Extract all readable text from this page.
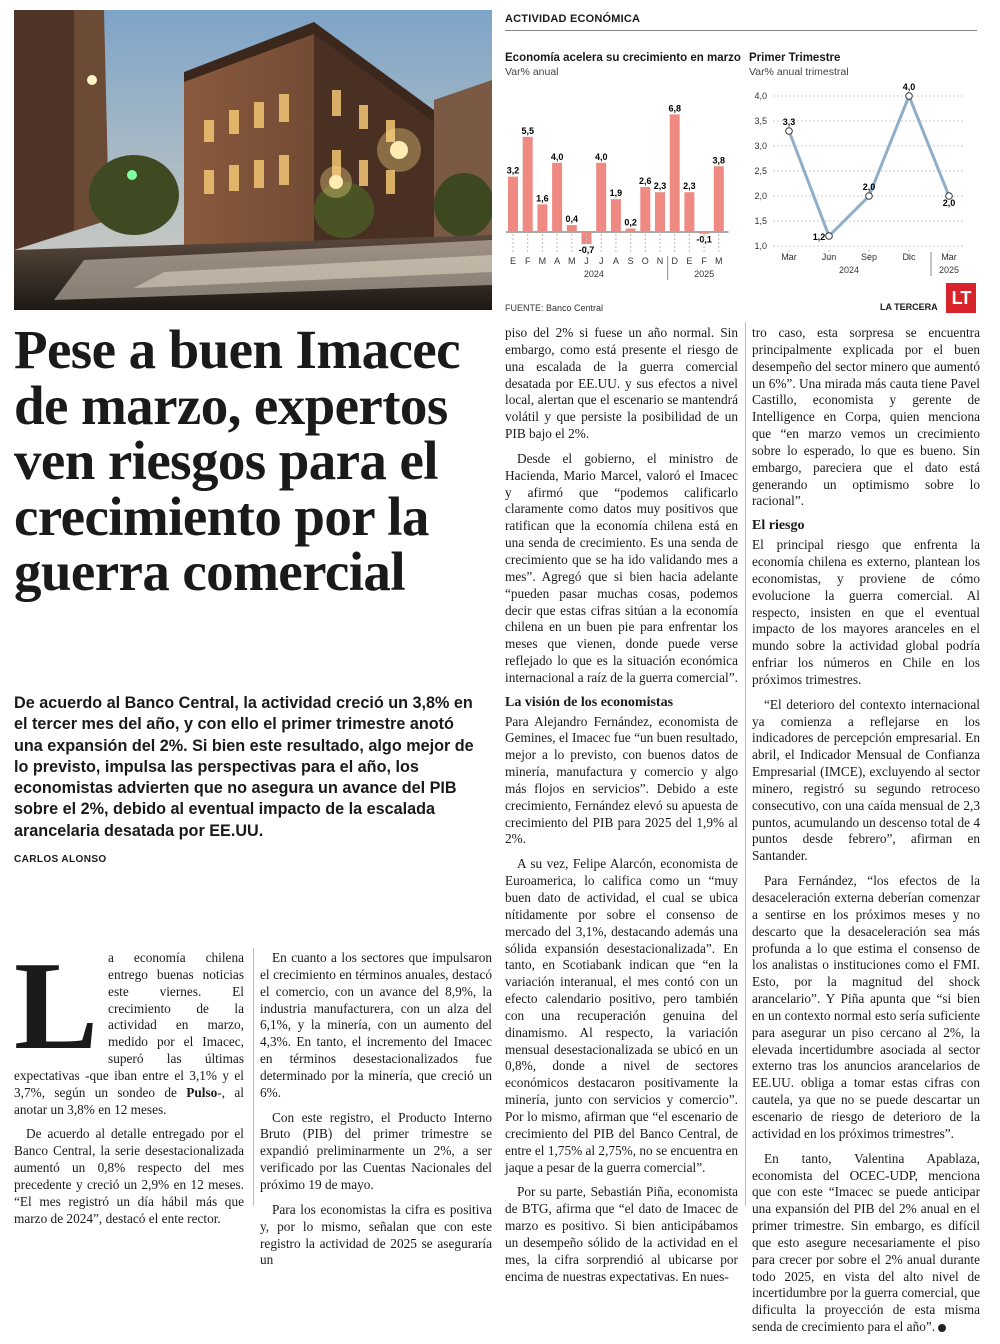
ACTIVIDAD ECONÓMICA
Economía acelera su crecimiento en marzo
Var% anual
Primer Trimestre
Var% anual trimestral
3,2
E
5,5
F
1,6
M
4,0
A
0,4
M
-0,7
J
4,0
J
1,9
A
0,2
S
2,6
O
2,3
N
6,8
D
2,3
E
-0,1
F
3,8
M
2024	2025
4,0
3,5
3,0
2,5
2,0
1,5
1,0
3,3
Mar
1,2
Jun
2,0
Sep
4,0
Dic
2,0
Mar
2024	2025
FUENTE: Banco Central	LA TERCERA LT
Pese a buen Imacec de marzo, expertos ven riesgos para el crecimiento por la guerra comercial

De acuerdo al Banco Central, la actividad creció un 3,8% en el tercer mes del año, y con ello el primer trimestre anotó una expansión del 2%. Si bien este resultado, algo mejor de lo previsto, impulsa las perspectivas para el año, los economistas advierten que no asegura un avance del PIB sobre el 2%, debido al eventual impacto de la escalada arancelaria desatada por EE.UU.

CARLOS ALONSO

La economía chilena entrego buenas noticias este viernes. El crecimiento de la actividad en marzo, medido por el Imacec, superó las últimas expectativas -que iban entre el 3,1% y el 3,7%, según un sondeo de Pulso-, al anotar un 3,8% en 12 meses.

De acuerdo al detalle entregado por el Banco Central, la serie desestacionalizada aumentó un 0,8% respecto del mes precedente y creció un 2,9% en 12 meses. “El mes registró un día hábil más que marzo de 2024”, destacó el ente rector.

En cuanto a los sectores que impulsaron el crecimiento en términos anuales, destacó el comercio, con un avance del 8,9%, la industria manufacturera, con un alza del 6,1%, y la minería, con un aumento del 4,3%. En tanto, el incremento del Imacec en términos desestacionalizados fue determinado por la minería, que creció un 6%.

Con este registro, el Producto Interno Bruto (PIB) del primer trimestre se expandió preliminarmente un 2%, a ser verificado por las Cuentas Nacionales del próximo 19 de mayo.

Para los economistas la cifra es positiva y, por lo mismo, señalan que con este registro la actividad de 2025 se aseguraría un

piso del 2% si fuese un año normal. Sin embargo, como está presente el riesgo de una escalada de la guerra comercial desatada por EE.UU. y sus efectos a nivel local, alertan que el escenario se mantendrá volátil y que persiste la posibilidad de un PIB bajo el 2%.

Desde el gobierno, el ministro de Hacienda, Mario Marcel, valoró el Imacec y afirmó que “podemos calificarlo claramente como datos muy positivos que ratifican que la economía chilena está en una senda de crecimiento. Es una senda de crecimiento que se ha ido validando mes a mes”. Agregó que si bien hacia adelante “pueden pasar muchas cosas, podemos decir que estas cifras sitúan a la economía chilena en un buen pie para enfrentar los meses que vienen, donde puede verse reflejado lo que es la situación económica internacional a raíz de la guerra comercial”.

La visión de los economistas

Para Alejandro Fernández, economista de Gemines, el Imacec fue “un buen resultado, mejor a lo previsto, con buenos datos de minería, manufactura y comercio y algo más flojos en servicios”. Debido a este crecimiento, Fernández elevó su apuesta de crecimiento del PIB para 2025 del 1,9% al 2%.

A su vez, Felipe Alarcón, economista de Euroamerica, lo califica como un “muy buen dato de actividad, el cual se ubica nítidamente por sobre el consenso de mercado del 3,1%, destacando además una sólida expansión desestacionalizada”. En tanto, en Scotiabank indican que “en la variación interanual, el mes contó con un efecto calendario positivo, pero también con una recuperación genuina del dinamismo. Al respecto, la variación mensual desestacionalizada se ubicó en un 0,8%, donde a nivel de sectores económicos destacaron positivamente la minería, junto con servicios y comercio”. Por lo mismo, afirman que “el escenario de crecimiento del PIB del Banco Central, de entre el 1,75% al 2,75%, no se encuentra en jaque a pesar de la guerra comercial”.

Por su parte, Sebastián Piña, economista de BTG, afirma que “el dato de Imacec de marzo es positivo. Si bien anticipábamos un desempeño sólido de la actividad en el mes, la cifra sorprendió al ubicarse por encima de nuestras expectativas. En nues-

tro caso, esta sorpresa se encuentra principalmente explicada por el buen desempeño del sector minero que aumentó un 6%”. Una mirada más cauta tiene Pavel Castillo, economista y gerente de Intelligence en Corpa, quien menciona que “en marzo vemos un crecimiento sobre lo esperado, lo que es bueno. Sin embargo, pareciera que el dato está generando un optimismo sobre lo racional”.

El riesgo

El principal riesgo que enfrenta la economía chilena es externo, plantean los economistas, y proviene de cómo evolucione la guerra comercial. Al respecto, insisten en que el eventual impacto de los mayores aranceles en el mundo sobre la actividad global podría enfriar los números en Chile en los próximos trimestres.

“El deterioro del contexto internacional ya comienza a reflejarse en los indicadores de percepción empresarial. En abril, el Indicador Mensual de Confianza Empresarial (IMCE), excluyendo al sector minero, registró su segundo retroceso consecutivo, con una caída mensual de 2,3 puntos, acumulando un descenso total de 4 puntos desde febrero”, afirman en Santander.

Para Fernández, “los efectos de la desaceleración externa deberían comenzar a sentirse en los próximos meses y no descarto que la desaceleración sea más profunda a lo que estima el consenso de los analistas o instituciones como el FMI. Esto, por la magnitud del shock arancelario”. Y Piña apunta que “si bien en un contexto normal esto sería suficiente para asegurar un piso cercano al 2%, la elevada incertidumbre asociada al sector externo tras los anuncios arancelarios de EE.UU. obliga a tomar estas cifras con cautela, ya que no se puede descartar un escenario de riesgo de deterioro de la actividad en los próximos trimestres”.

En tanto, Valentina Apablaza, economista del OCEC-UDP, menciona que con este “Imacec se puede anticipar una expansión del PIB del 2% anual en el primer trimestre. Sin embargo, es difícil que esto asegure necesariamente el piso para crecer por sobre el 2% anual durante todo 2025, en vista del alto nivel de incertidumbre por la guerra comercial, que dificulta la proyección de esta misma senda de crecimiento para el año”.
